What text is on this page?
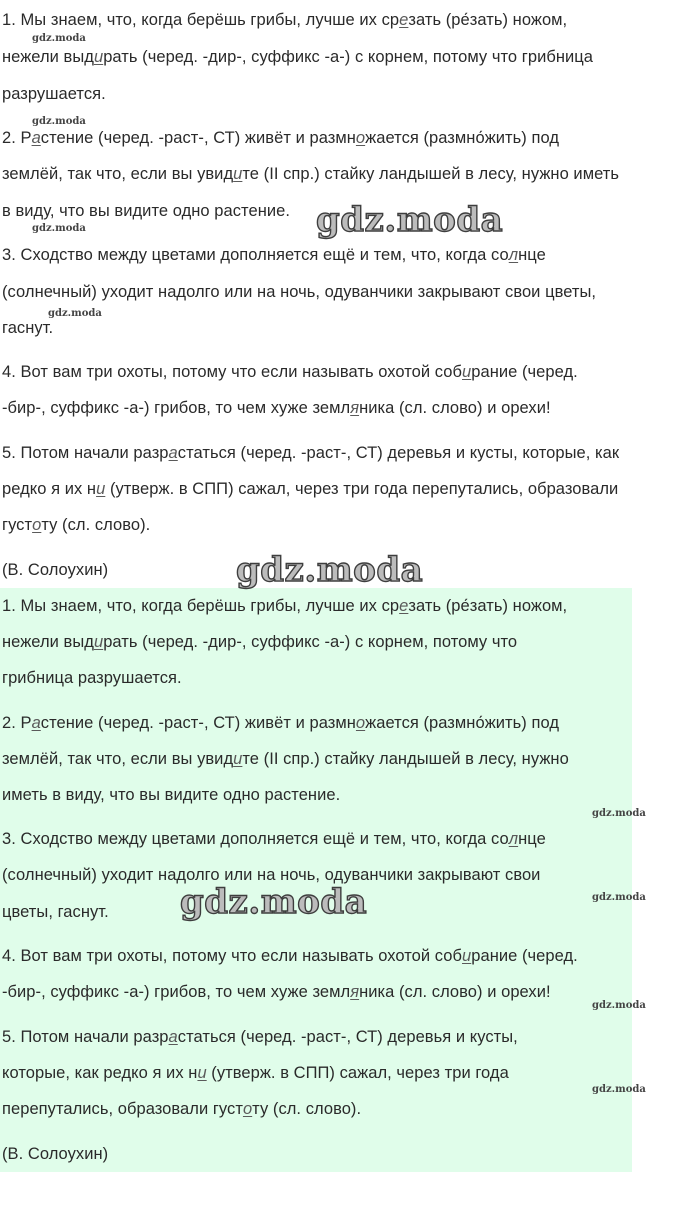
1. Мы знаем, что, когда берёшь грибы, лучше их срезать (ре́зать) ножом,
нежели выдирать (черед. -дир-, суффикс -а-) с корнем, потому что грибница
разрушается.
2. Растение (черед. -раст-, СТ) живёт и размножается (размно́жить) под
землёй, так что, если вы увидите (II спр.) стайку ландышей в лесу, нужно иметь
в виду, что вы видите одно растение.
3. Сходство между цветами дополняется ещё и тем, что, когда солнце
(солнечный) уходит надолго или на ночь, одуванчики закрывают свои цветы,
гаснут.
4. Вот вам три охоты, потому что если называть охотой собирание (черед.
-бир-, суффикс -а-) грибов, то чем хуже земляника (сл. слово) и орехи!
5. Потом начали разрастаться (черед. -раст-, СТ) деревья и кусты, которые, как
редко я их ни (утверж. в СПП) сажал, через три года перепутались, образовали
густоту (сл. слово).
(В. Солоухин)
1. Мы знаем, что, когда берёшь грибы, лучше их срезать (ре́зать) ножом,
нежели выдирать (черед. -дир-, суффикс -а-) с корнем, потому что
грибница разрушается.
2. Растение (черед. -раст-, СТ) живёт и размножается (размно́жить) под
землёй, так что, если вы увидите (II спр.) стайку ландышей в лесу, нужно
иметь в виду, что вы видите одно растение.
3. Сходство между цветами дополняется ещё и тем, что, когда солнце
(солнечный) уходит надолго или на ночь, одуванчики закрывают свои
цветы, гаснут.
4. Вот вам три охоты, потому что если называть охотой собирание (черед.
-бир-, суффикс -а-) грибов, то чем хуже земляника (сл. слово) и орехи!
5. Потом начали разрастаться (черед. -раст-, СТ) деревья и кусты,
которые, как редко я их ни (утверж. в СПП) сажал, через три года
перепутались, образовали густоту (сл. слово).
(В. Солоухин)
gdz.moda
gdz.moda
gdz.moda
gdz.moda
gdz.moda
gdz.moda
gdz.moda
gdz.moda
gdz.moda
gdz.moda
gdz.moda
